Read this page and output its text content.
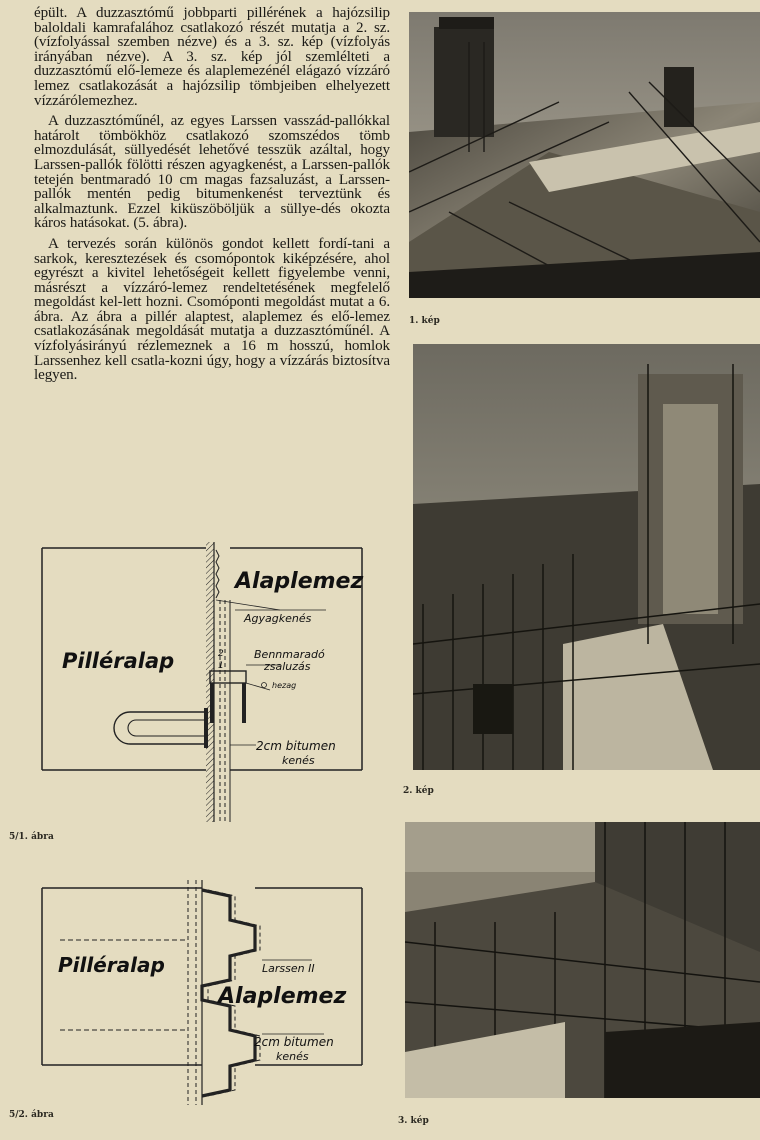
épült. A duzzasztómű jobbparti pillérének a hajózsilip baloldali kamrafalához csatlakozó részét mutatja a 2. sz. (vízfolyással szemben nézve) és a 3. sz. kép (vízfolyás irányában nézve). A 3. sz. kép jól szemlélteti a duzzasztómű elő-lemeze és alaplemezénél elágazó vízzáró lemez csatlakozását a hajózsilip tömbjeiben elhelyezett vízzárólemezhez.

A duzzasztóműnél, az egyes Larssen vasszád-pallókkal határolt tömbökhöz csatlakozó szomszédos tömb elmozdulását, süllyedését lehetővé tesszük azáltal, hogy Larssen-pallók fölötti részen agyagkenést, a Larssen-pallók tetején bentmaradó 10 cm magas fazsaluzást, a Larssen-pallók mentén pedig bitumenkenést terveztünk és alkalmaztunk. Ezzel kiküszöböljük a süllye-dés okozta káros hatásokat. (5. ábra).

A tervezés során különös gondot kellett fordí-tani a sarkok, keresztezések és csomópontok kiképzésére, ahol egyrészt a kivitel lehetőségeit kellett figyelembe venni, másrészt a vízzáró-lemez rendeltetésének megfelelő megoldást kel-lett hozni. Csomóponti megoldást mutat a 6. ábra. Az ábra a pillér alaptest, alaplemez és elő-lemez csatlakozásának megoldását mutatja a duzzasztóműnél. A vízfolyásirányú rézlemeznek a 16 m hosszú, homlok Larssenhez kell csatla-kozni úgy, hogy a vízzárás biztosítva legyen.

1. kép
2. kép
3. kép
Alaplemez
Agyagkenés
Pilléralap	Bennmaradó
zsaluzás
hezag
1
2
2cm bitumen
kenés
5/1. ábra
Pilléralap	Larssen II
Alaplemez
2cm bitumen
kenés
5/2. ábra
